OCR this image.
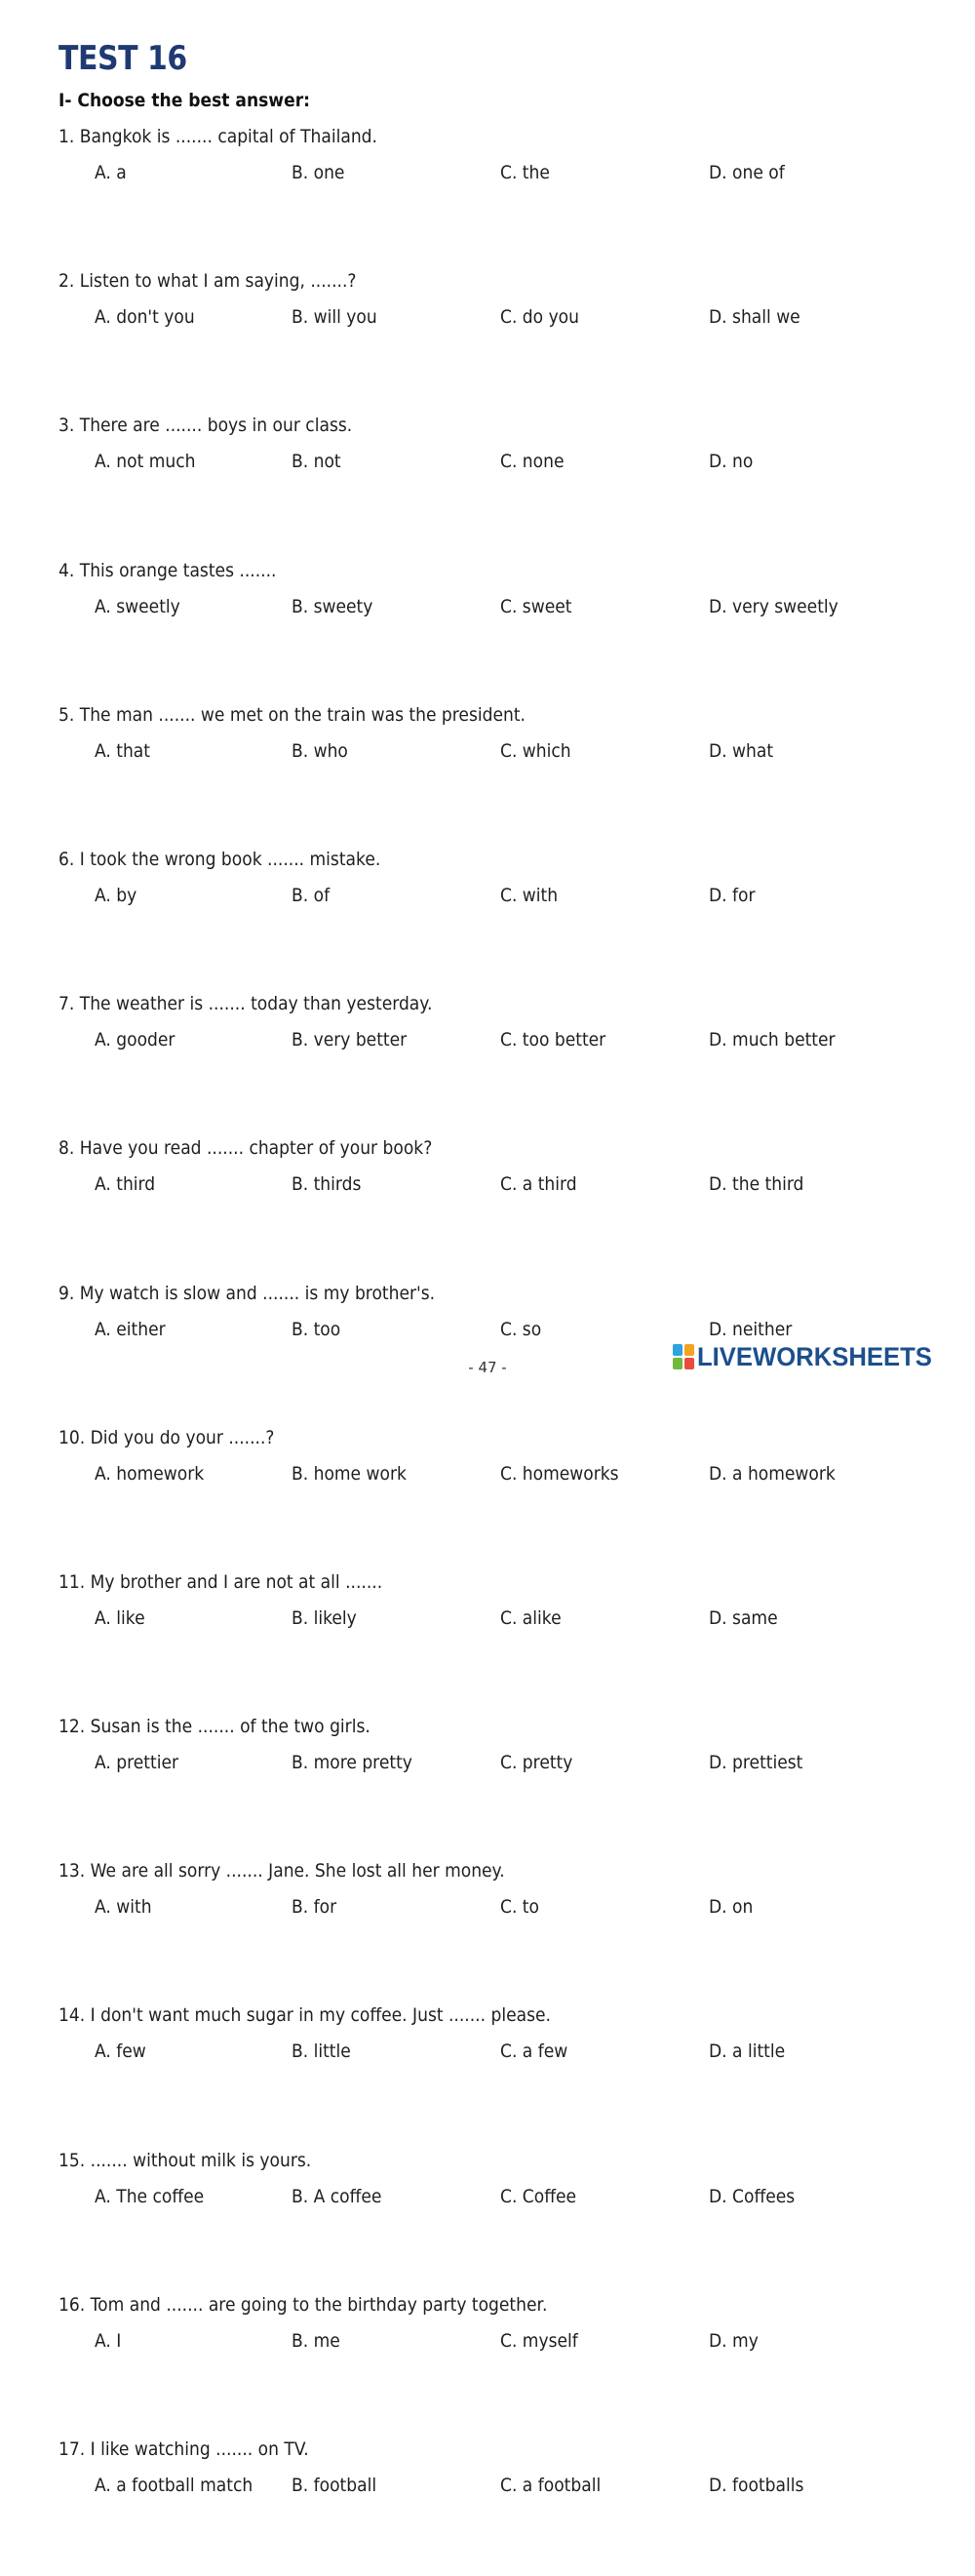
TEST 16
I- Choose the best answer:
1. Bangkok is ....... capital of Thailand.
A. a	B. one	C. the	D. one of
2. Listen to what I am saying, .......?
A. don't you	B. will you	C. do you	D. shall we
3. There are ....... boys in our class.
A. not much	B. not	C. none	D. no
4. This orange tastes .......
A. sweetly	B. sweety	C. sweet	D. very sweetly
5. The man ....... we met on the train was the president.
A. that	B. who	C. which	D. what
6. I took the wrong book ....... mistake.
A. by	B. of	C. with	D. for
7. The weather is ....... today than yesterday.
A. gooder	B. very better	C. too better	D. much better
8. Have you read ....... chapter of your book?
A. third	B. thirds	C. a third	D. the third
9. My watch is slow and ....... is my brother's.
A. either	B. too	C. so	D. neither
10. Did you do your .......?
A. homework	B. home work	C. homeworks	D. a homework
11. My brother and I are not at all .......
A. like	B. likely	C. alike	D. same
12. Susan is the ....... of the two girls.
A. prettier	B. more pretty	C. pretty	D. prettiest
13. We are all sorry ....... Jane. She lost all her money.
A. with	B. for	C. to	D. on
14. I don't want much sugar in my coffee. Just ....... please.
A. few	B. little	C. a few	D. a little
15. ....... without milk is yours.
A. The coffee	B. A coffee	C. Coffee	D. Coffees
16. Tom and ....... are going to the birthday party together.
A. I	B. me	C. myself	D. my
17. I like watching ....... on TV.
A. a football match B. football	C. a football	D. footballs
- 47 -	LIVEWORKSHEETS
